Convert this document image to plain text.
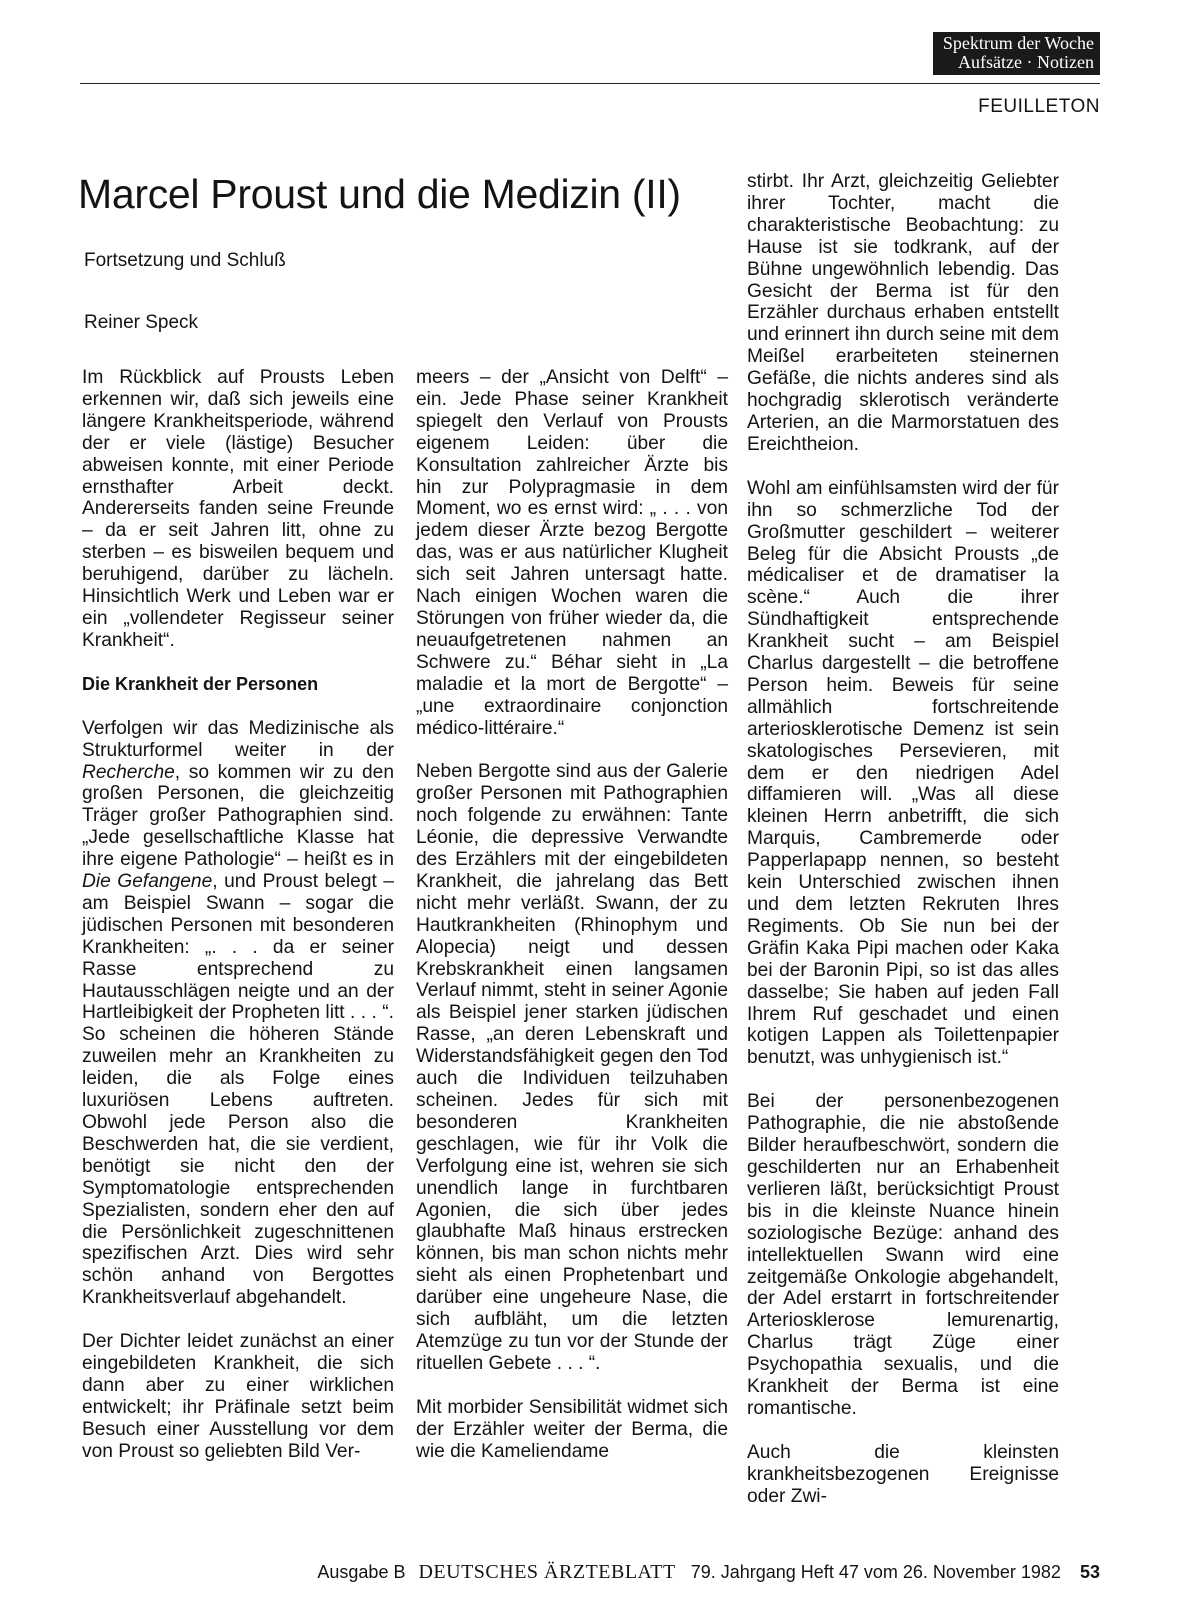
Spektrum der Woche
Aufsätze · Notizen
FEUILLETON
Marcel Proust und die Medizin (II)
Fortsetzung und Schluß
Reiner Speck

Im Rückblick auf Prousts Leben erkennen wir, daß sich jeweils eine längere Krankheitsperiode, während der er viele (lästige) Besucher abweisen konnte, mit einer Periode ernsthafter Arbeit deckt. Andererseits fanden seine Freunde – da er seit Jahren litt, ohne zu sterben – es bisweilen bequem und beruhigend, darüber zu lächeln. Hinsichtlich Werk und Leben war er ein „vollendeter Regisseur seiner Krankheit“.

Die Krankheit der Personen

Verfolgen wir das Medizinische als Strukturformel weiter in der Recherche, so kommen wir zu den großen Personen, die gleichzeitig Träger großer Pathographien sind. „Jede gesellschaftliche Klasse hat ihre eigene Pathologie“ – heißt es in Die Gefangene, und Proust belegt – am Beispiel Swann – sogar die jüdischen Personen mit besonderen Krankheiten: „. . . da er seiner Rasse entsprechend zu Hautausschlägen neigte und an der Hartleibigkeit der Propheten litt . . . “. So scheinen die höheren Stände zuweilen mehr an Krankheiten zu leiden, die als Folge eines luxuriösen Lebens auftreten. Obwohl jede Person also die Beschwerden hat, die sie verdient, benötigt sie nicht den der Symptomatologie entsprechenden Spezialisten, sondern eher den auf die Persönlichkeit zugeschnittenen spezifischen Arzt. Dies wird sehr schön anhand von Bergottes Krankheitsverlauf abgehandelt.

Der Dichter leidet zunächst an einer eingebildeten Krankheit, die sich dann aber zu einer wirklichen entwickelt; ihr Präfinale setzt beim Besuch einer Ausstellung vor dem von Proust so geliebten Bild Ver-

meers – der „Ansicht von Delft“ – ein. Jede Phase seiner Krankheit spiegelt den Verlauf von Prousts eigenem Leiden: über die Konsultation zahlreicher Ärzte bis hin zur Polypragmasie in dem Moment, wo es ernst wird: „ . . . von jedem dieser Ärzte bezog Bergotte das, was er aus natürlicher Klugheit sich seit Jahren untersagt hatte. Nach einigen Wochen waren die Störungen von früher wieder da, die neuaufgetretenen nahmen an Schwere zu.“ Béhar sieht in „La maladie et la mort de Bergotte“ – „une extraordinaire conjonction médico-littéraire.“

Neben Bergotte sind aus der Galerie großer Personen mit Pathographien noch folgende zu erwähnen: Tante Léonie, die depressive Verwandte des Erzählers mit der eingebildeten Krankheit, die jahrelang das Bett nicht mehr verläßt. Swann, der zu Hautkrankheiten (Rhinophym und Alopecia) neigt und dessen Krebskrankheit einen langsamen Verlauf nimmt, steht in seiner Agonie als Beispiel jener starken jüdischen Rasse, „an deren Lebenskraft und Widerstandsfähigkeit gegen den Tod auch die Individuen teilzuhaben scheinen. Jedes für sich mit besonderen Krankheiten geschlagen, wie für ihr Volk die Verfolgung eine ist, wehren sie sich unendlich lange in furchtbaren Agonien, die sich über jedes glaubhafte Maß hinaus erstrecken können, bis man schon nichts mehr sieht als einen Prophetenbart und darüber eine ungeheure Nase, die sich aufbläht, um die letzten Atemzüge zu tun vor der Stunde der rituellen Gebete . . . “.

Mit morbider Sensibilität widmet sich der Erzähler weiter der Berma, die wie die Kameliendame

stirbt. Ihr Arzt, gleichzeitig Geliebter ihrer Tochter, macht die charakteristische Beobachtung: zu Hause ist sie todkrank, auf der Bühne ungewöhnlich lebendig. Das Gesicht der Berma ist für den Erzähler durchaus erhaben entstellt und erinnert ihn durch seine mit dem Meißel erarbeiteten steinernen Gefäße, die nichts anderes sind als hochgradig sklerotisch veränderte Arterien, an die Marmorstatuen des Ereichtheion.

Wohl am einfühlsamsten wird der für ihn so schmerzliche Tod der Großmutter geschildert – weiterer Beleg für die Absicht Prousts „de médicaliser et de dramatiser la scène.“ Auch die ihrer Sündhaftigkeit entsprechende Krankheit sucht – am Beispiel Charlus dargestellt – die betroffene Person heim. Beweis für seine allmählich fortschreitende arteriosklerotische Demenz ist sein skatologisches Persevieren, mit dem er den niedrigen Adel diffamieren will. „Was all diese kleinen Herrn anbetrifft, die sich Marquis, Cambremerde oder Papperlapapp nennen, so besteht kein Unterschied zwischen ihnen und dem letzten Rekruten Ihres Regiments. Ob Sie nun bei der Gräfin Kaka Pipi machen oder Kaka bei der Baronin Pipi, so ist das alles dasselbe; Sie haben auf jeden Fall Ihrem Ruf geschadet und einen kotigen Lappen als Toilettenpapier benutzt, was unhygienisch ist.“

Bei der personenbezogenen Pathographie, die nie abstoßende Bilder heraufbeschwört, sondern die geschilderten nur an Erhabenheit verlieren läßt, berücksichtigt Proust bis in die kleinste Nuance hinein soziologische Bezüge: anhand des intellektuellen Swann wird eine zeitgemäße Onkologie abgehandelt, der Adel erstarrt in fortschreitender Arteriosklerose lemurenartig, Charlus trägt Züge einer Psychopathia sexualis, und die Krankheit der Berma ist eine romantische.

Auch die kleinsten krankheitsbezogenen Ereignisse oder Zwi-

Ausgabe B DEUTSCHES ÄRZTEBLATT 79. Jahrgang Heft 47 vom 26. November 1982 53
